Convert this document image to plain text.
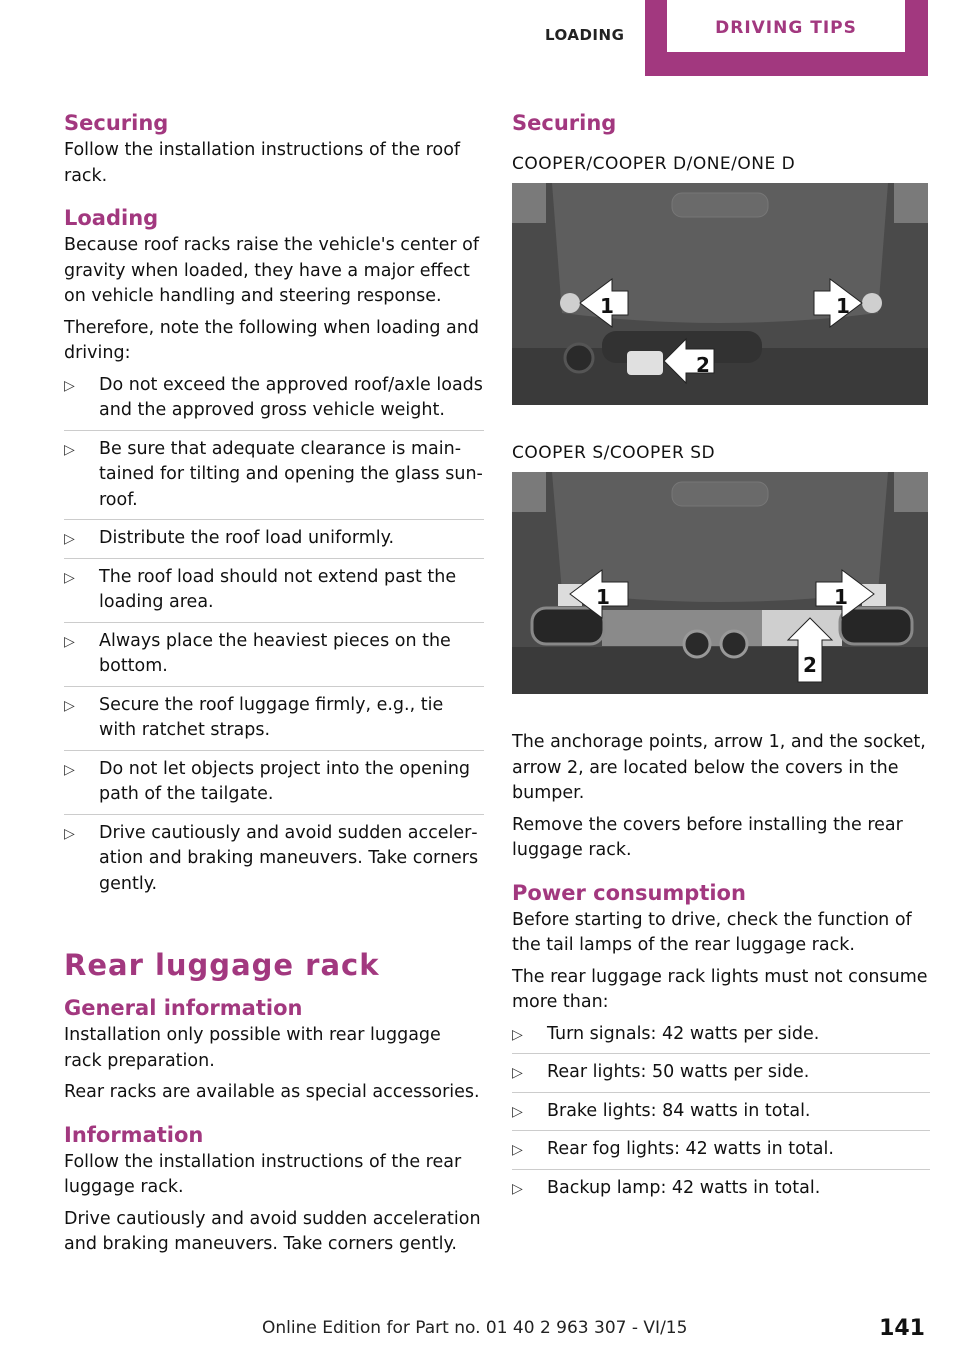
LOADING	DRIVING TIPS
Securing

Follow the installation instructions of the roof rack.

Loading

Because roof racks raise the vehicle's center of gravity when loaded, they have a major effect on vehicle handling and steering response.

Therefore, note the following when loading and driving:

▷ Do not exceed the approved roof/axle loads and the approved gross vehicle weight.
▷ Be sure that adequate clearance is main‐tained for tilting and opening the glass sun‐roof.
▷ Distribute the roof load uniformly.
▷ The roof load should not extend past the loading area.
▷ Always place the heaviest pieces on the bottom.
▷ Secure the roof luggage firmly, e.g., tie with ratchet straps.
▷ Do not let objects project into the opening path of the tailgate.
▷ Drive cautiously and avoid sudden acceler‐ation and braking maneuvers. Take corners gently.
Rear luggage rack
General information

Installation only possible with rear luggage rack preparation.

Rear racks are available as special accessories.

Information

Follow the installation instructions of the rear luggage rack.

Drive cautiously and avoid sudden acceleration and braking maneuvers. Take corners gently.

Securing

COOPER/COOPER D/ONE/ONE D

1	1
2

COOPER S/COOPER SD

1	1
2

The anchorage points, arrow 1, and the socket, arrow 2, are located below the covers in the bumper.

Remove the covers before installing the rear luggage rack.

Power consumption

Before starting to drive, check the function of the tail lamps of the rear luggage rack.

The rear luggage rack lights must not consume more than:

▷ Turn signals: 42 watts per side.
▷ Rear lights: 50 watts per side.
▷ Brake lights: 84 watts in total.
▷ Rear fog lights: 42 watts in total.
▷ Backup lamp: 42 watts in total.
Online Edition for Part no. 01 40 2 963 307 - VI/15	141
